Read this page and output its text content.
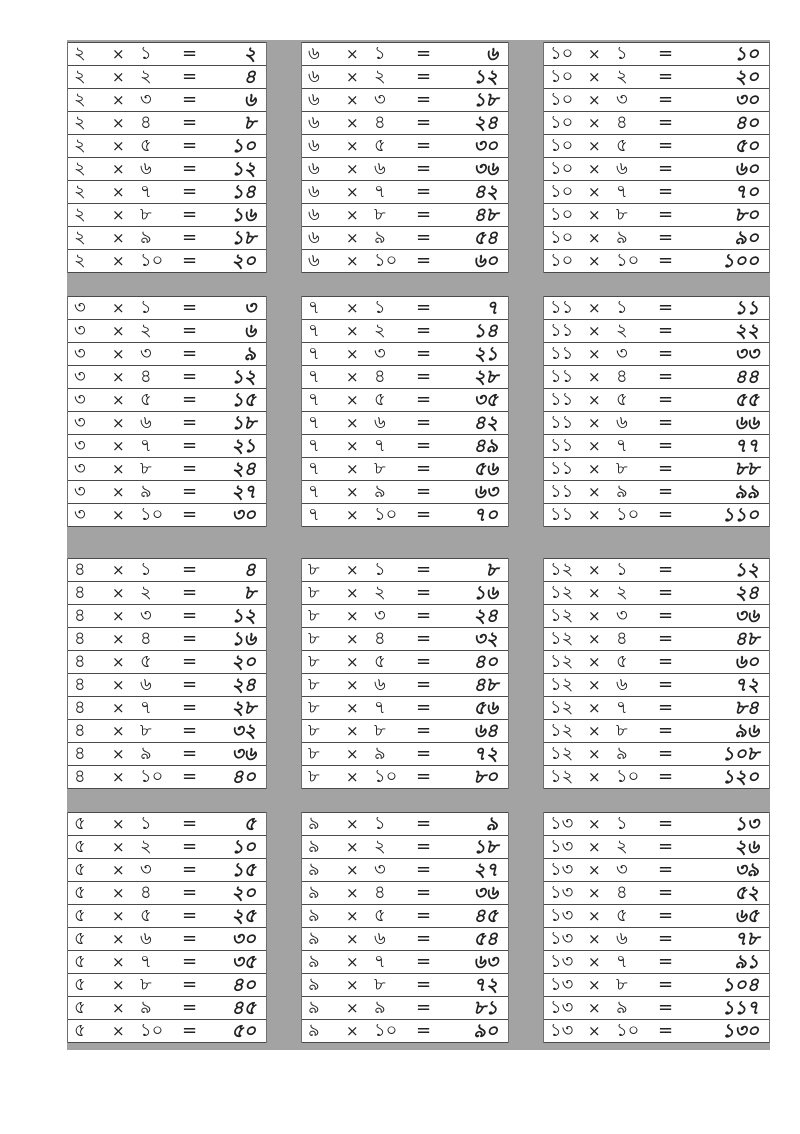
২ × ১ = ২
২ × ২ = ৪
২ × ৩ = ৬
২ × ৪ = ৮
২ × ৫ = ১০
২ × ৬ = ১২
২ × ৭ = ১৪
২ × ৮ = ১৬
২ × ৯ = ১৮
২ × ১০ = ২০
৬ × ১ =	৬
৬ × ২ = ১২
৬ × ৩ = ১৮
৬ × ৪ = ২৪
৬ × ৫ = ৩০
৬ × ৬ = ৩৬
৬ × ৭ = ৪২
৬ × ৮ = ৪৮
৬ × ৯ = ৫৪
৬ × ১০ = ৬০
১০ × ১ =	১০
১০ × ২ =	২০
১০ × ৩ =	৩০
১০ × ৪ =	৪০
১০ × ৫ =	৫০
১০ × ৬ =	৬০
১০ × ৭ =	৭০
১০ × ৮ =	৮০
১০ × ৯ =	৯০
১০ × ১০ =	১০০
৩ × ১ = ৩
৩ × ২ = ৬
৩ × ৩ = ৯
৩ × ৪ = ১২
৩ × ৫ = ১৫
৩ × ৬ = ১৮
৩ × ৭ = ২১
৩ × ৮ = ২৪
৩ × ৯ = ২৭
৩ × ১০ = ৩০
৭ × ১ =	৭
৭ × ২ = ১৪
৭ × ৩ = ২১
৭ × ৪ = ২৮
৭ × ৫ = ৩৫
৭ × ৬ = ৪২
৭ × ৭ = ৪৯
৭ × ৮ = ৫৬
৭ × ৯ = ৬৩
৭ × ১০ = ৭০
১১ × ১ =	১১
১১ × ২ =	২২
১১ × ৩ =	৩৩
১১ × ৪ =	৪৪
১১ × ৫ =	৫৫
১১ × ৬ =	৬৬
১১ × ৭ =	৭৭
১১ × ৮ =	৮৮
১১ × ৯ =	৯৯
১১ × ১০ =	১১০
৪ × ১ = ৪
৪ × ২ = ৮
৪ × ৩ = ১২
৪ × ৪ = ১৬
৪ × ৫ = ২০
৪ × ৬ = ২৪
৪ × ৭ = ২৮
৪ × ৮ = ৩২
৪ × ৯ = ৩৬
৪ × ১০ = ৪০
৮ × ১ =	৮
৮ × ২ = ১৬
৮ × ৩ = ২৪
৮ × ৪ = ৩২
৮ × ৫ = ৪০
৮ × ৬ = ৪৮
৮ × ৭ = ৫৬
৮ × ৮ = ৬৪
৮ × ৯ = ৭২
৮ × ১০ = ৮০
১২ × ১ =	১২
১২ × ২ =	২৪
১২ × ৩ =	৩৬
১২ × ৪ =	৪৮
১২ × ৫ =	৬০
১২ × ৬ =	৭২
১২ × ৭ =	৮৪
১২ × ৮ =	৯৬
১২ × ৯ =	১০৮
১২ × ১০ =	১২০
৫ × ১ = ৫
৫ × ২ = ১০
৫ × ৩ = ১৫
৫ × ৪ = ২০
৫ × ৫ = ২৫
৫ × ৬ = ৩০
৫ × ৭ = ৩৫
৫ × ৮ = ৪০
৫ × ৯ = ৪৫
৫ × ১০ = ৫০
৯ × ১ =	৯
৯ × ২ = ১৮
৯ × ৩ = ২৭
৯ × ৪ = ৩৬
৯ × ৫ = ৪৫
৯ × ৬ = ৫৪
৯ × ৭ = ৬৩
৯ × ৮ = ৭২
৯ × ৯ = ৮১
৯ × ১০ = ৯০
১৩ × ১ =	১৩
১৩ × ২ =	২৬
১৩ × ৩ =	৩৯
১৩ × ৪ =	৫২
১৩ × ৫ =	৬৫
১৩ × ৬ =	৭৮
১৩ × ৭ =	৯১
১৩ × ৮ =	১০৪
১৩ × ৯ =	১১৭
১৩ × ১০ =	১৩০
